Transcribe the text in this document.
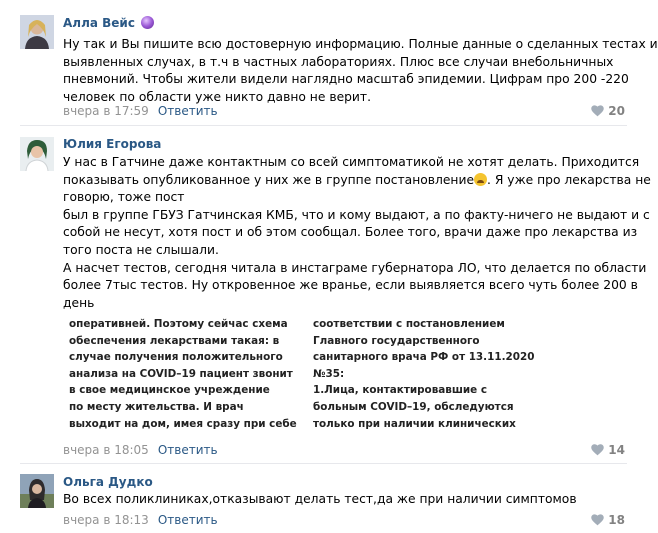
Алла Вейс
Ну так и Вы пишите всю достоверную информацию. Полные данные о сделанных тестах и
выявленных случах, в т.ч в частных лабораториях. Плюс все случаи внебольничных
пневмоний. Чтобы жители видели наглядно масштаб эпидемии. Цифрам про 200 -220
человек по области уже никто давно не верит.
вчера в 17:59 Ответить	20
Юлия Егорова
У нас в Гатчине даже контактным со всей симптоматикой не хотят делать. Приходится
показывать опубликованное у них же в группе постановление . Я уже про лекарства не
говорю, тоже пост
был в группе ГБУЗ Гатчинская КМБ, что и кому выдают, а по факту-ничего не выдают и с
собой не несут, хотя пост и об этом сообщал. Более того, врачи даже про лекарства из
того поста не слышали.
А насчет тестов, сегодня читала в инстаграме губернатора ЛО, что делается по области
более 7тыс тестов. Ну откровенное же вранье, если выявляется всего чуть более 200 в
день
оперативней. Поэтому сейчас схема
обеспечения лекарствами такая: в
случае получения положительного
анализа на COVID–19 пациент звонит
в свое медицинское учреждение
по месту жительства. И врач
выходит на дом, имея сразу при себе
соответствии с постановлением
Главного государственного
санитарного врача РФ от 13.11.2020
№35:
1.Лица, контактировавшие с
больным COVID–19, обследуются
только при наличии клинических
вчера в 18:05 Ответить	14
Ольга Дудко
Во всех поликлиниках,отказывают делать тест,да же при наличии симптомов
вчера в 18:13 Ответить	18
